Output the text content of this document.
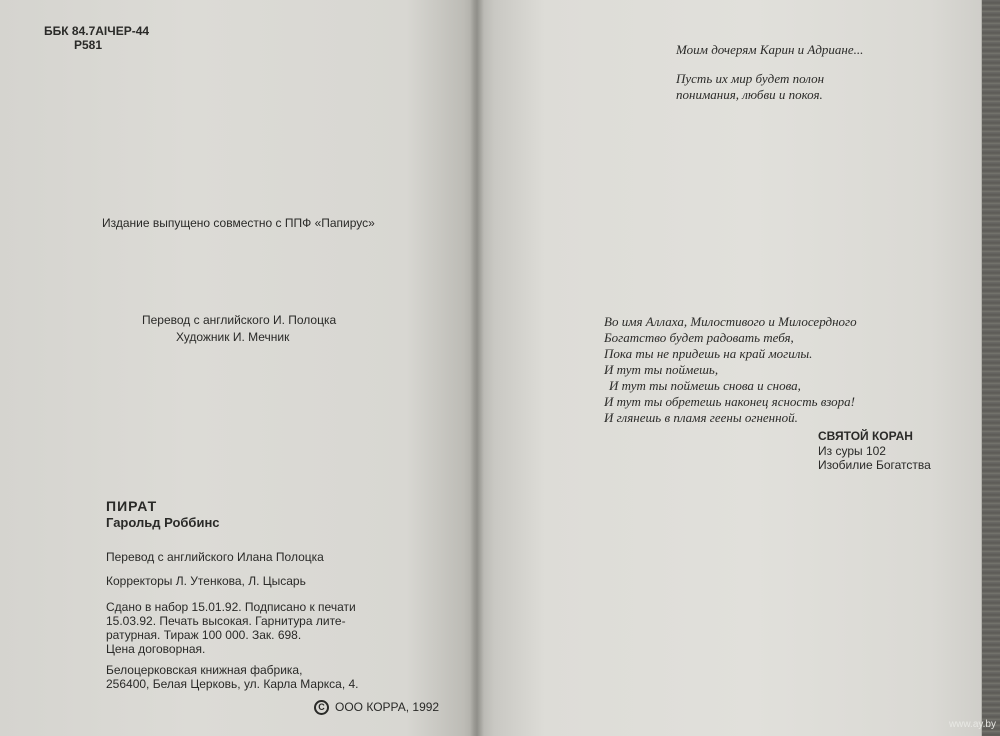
ББК 84.7АІЧЕР-44
Р581
Издание выпущено совместно с ППФ «Папирус»
Перевод с английского И. Полоцка
Художник И. Мечник
ПИРАТ
Гарольд Роббинс
Перевод с английского Илана Полоцка
Корректоры Л. Утенкова, Л. Цысарь
Сдано в набор 15.01.92. Подписано к печати
15.03.92. Печать высокая. Гарнитура лите-
ратурная. Тираж 100 000. Зак. 698.
Цена договорная.
Белоцерковская книжная фабрика,
256400, Белая Церковь, ул. Карла Маркса, 4.
C ООО КОРРА, 1992
Моим дочерям Карин и Адриане...
Пусть их мир будет полон
понимания, любви и покоя.
Во имя Аллаха, Милостивого и Милосердного
Богатство будет радовать тебя,
Пока ты не придешь на край могилы.
И тут ты поймешь,
И тут ты поймешь снова и снова,
И тут ты обретешь наконец ясность взора!
И глянешь в пламя геены огненной.
СВЯТОЙ КОРАН
Из суры 102
Изобилие Богатства
www.ay.by
